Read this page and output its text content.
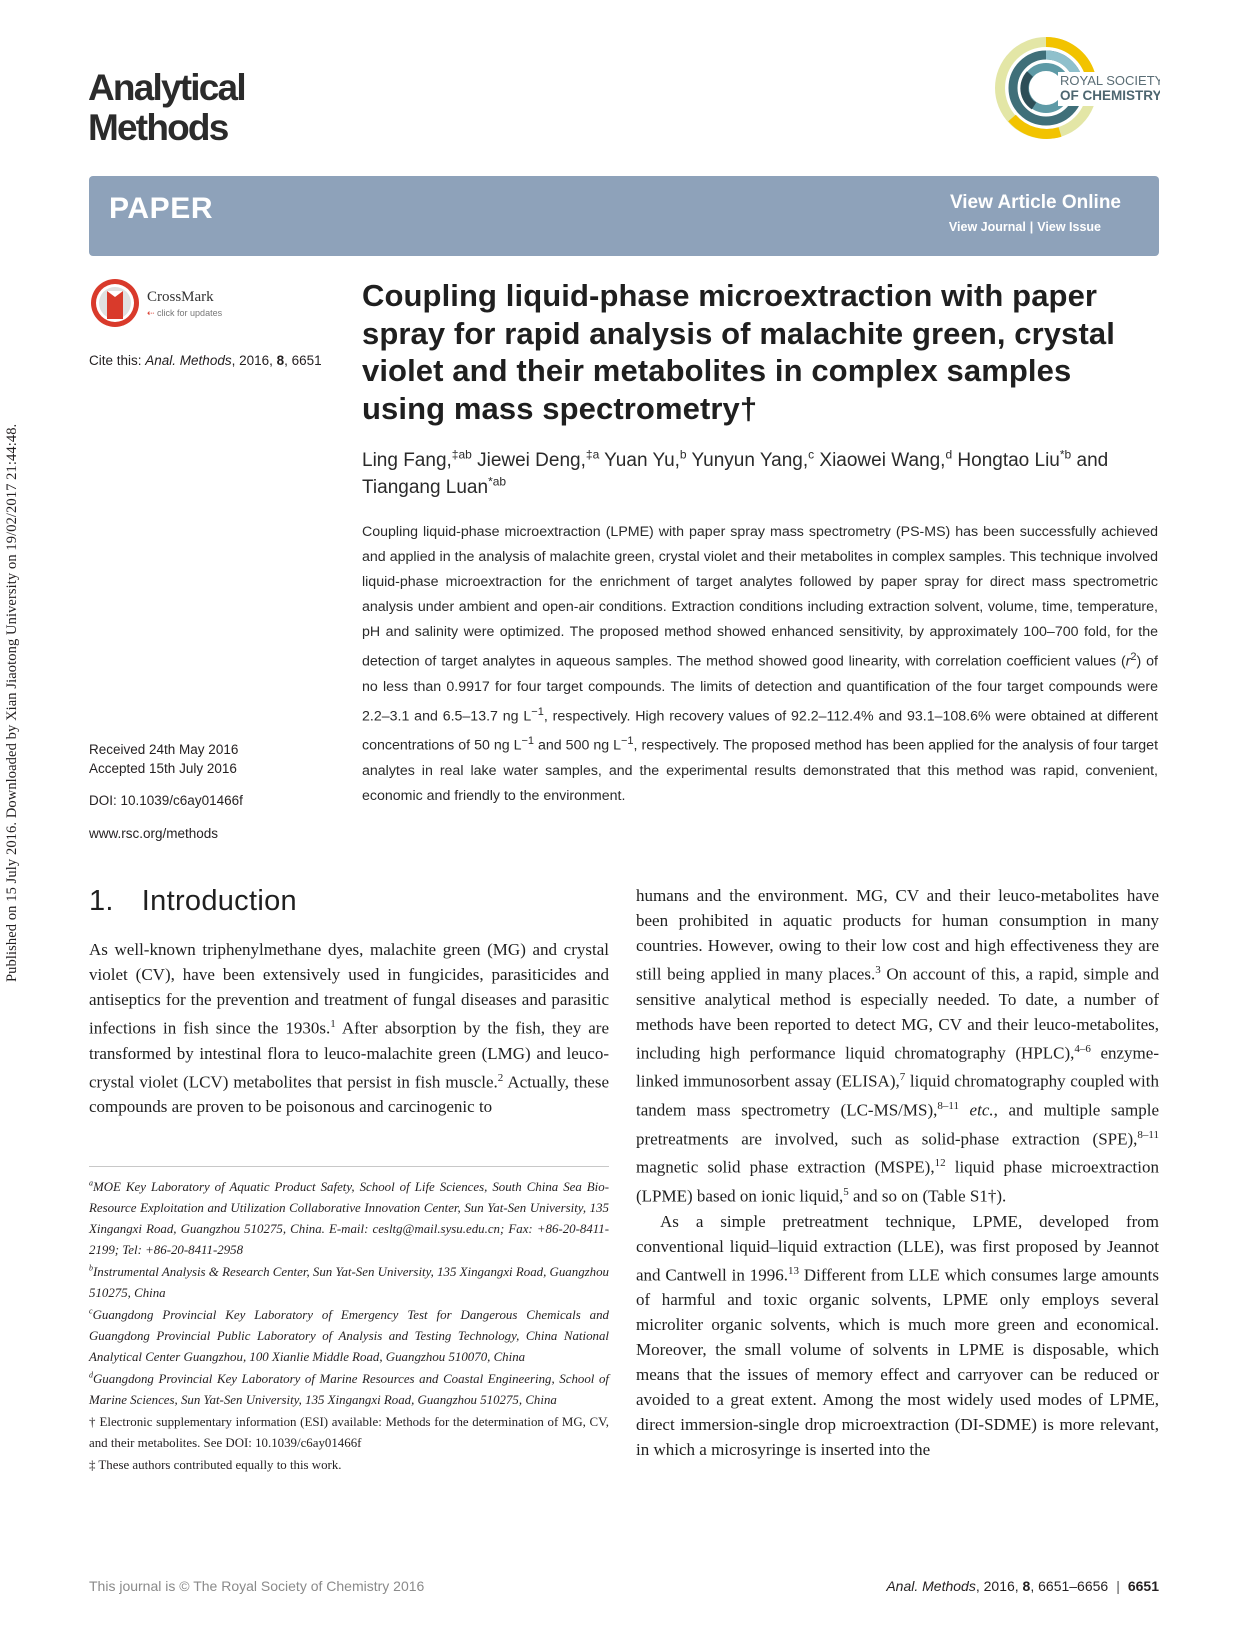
Published on 15 July 2016. Downloaded by Xian Jiaotong University on 19/02/2017 21:44:48.
Analytical
Methods
ROYAL SOCIETY
OF CHEMISTRY
PAPER	View Article Online
View Journal | View Issue
CrossMark
⇠ click for updates
Cite this: Anal. Methods, 2016, 8, 6651
Received 24th May 2016
Accepted 15th July 2016
DOI: 10.1039/c6ay01466f
www.rsc.org/methods
Coupling liquid-phase microextraction with paper spray for rapid analysis of malachite green, crystal violet and their metabolites in complex samples using mass spectrometry†
Ling Fang,$^{\ddagger ab}$ Jiewei Deng,$^{\ddagger a}$ Yuan Yu,$^b$ Yunyun Yang,$^c$ Xiaowei Wang,$^d$ Hongtao Liu$^{*b}$ and Tiangang Luan$^{*ab}$

Coupling liquid-phase microextraction (LPME) with paper spray mass spectrometry (PS-MS) has been successfully achieved and applied in the analysis of malachite green, crystal violet and their metabolites in complex samples. This technique involved liquid-phase microextraction for the enrichment of target analytes followed by paper spray for direct mass spectrometric analysis under ambient and open-air conditions. Extraction conditions including extraction solvent, volume, time, temperature, pH and salinity were optimized. The proposed method showed enhanced sensitivity, by approximately 100–700 fold, for the detection of target analytes in aqueous samples. The method showed good linearity, with correlation coefficient values $(r^2)$ of no less than 0.9917 for four target compounds. The limits of detection and quantification of the four target compounds were 2.2–3.1 and 6.5–13.7 ng $L^{-1}$, respectively. High recovery values of 92.2–112.4% and 93.1–108.6% were obtained at different concentrations of 50 ng $L^{-1}$ and 500 ng $L^{-1}$, respectively. The proposed method has been applied for the analysis of four target analytes in real lake water samples, and the experimental results demonstrated that this method was rapid, convenient, economic and friendly to the environment.

1. Introduction

As well-known triphenylmethane dyes, malachite green (MG) and crystal violet (CV), have been extensively used in fungicides, parasiticides and antiseptics for the prevention and treatment of fungal diseases and parasitic infections in fish since the 1930s.$^1$ After absorption by the fish, they are transformed by intestinal flora to leuco-malachite green (LMG) and leuco-crystal violet (LCV) metabolites that persist in fish muscle.$^2$ Actually, these compounds are proven to be poisonous and carcinogenic to

humans and the environment. MG, CV and their leuco-metabolites have been prohibited in aquatic products for human consumption in many countries. However, owing to their low cost and high effectiveness they are still being applied in many places.$^3$ On account of this, a rapid, simple and sensitive analytical method is especially needed. To date, a number of methods have been reported to detect MG, CV and their leuco-metabolites, including high performance liquid chromatography (HPLC),$^{4-6}$ enzyme-linked immunosorbent assay (ELISA),$^7$ liquid chromatography coupled with tandem mass spectrometry (LC-MS/MS),$^{8-11}$ etc., and multiple sample pretreatments are involved, such as solid-phase extraction (SPE),$^{8-11}$ magnetic solid phase extraction (MSPE),$^{12}$ liquid phase microextraction (LPME) based on ionic liquid,$^5$ and so on (Table S1†).

As a simple pretreatment technique, LPME, developed from conventional liquid–liquid extraction (LLE), was first proposed by Jeannot and Cantwell in 1996.13 Different from LLE which consumes large amounts of harmful and toxic organic solvents, LPME only employs several microliter organic solvents, which is much more green and economical. Moreover, the small volume of solvents in LPME is disposable, which means that the issues of memory effect and carryover can be reduced or avoided to a great extent. Among the most widely used modes of LPME, direct immersion-single drop microextraction (DI-SDME) is more relevant, in which a microsyringe is inserted into the

$^a$MOE Key Laboratory of Aquatic Product Safety, School of Life Sciences, South China Sea Bio-Resource Exploitation and Utilization Collaborative Innovation Center, Sun Yat-Sen University, 135 Xingangxi Road, Guangzhou 510275, China. E-mail: cesltg@mail.sysu.edu.cn; Fax: +86-20-8411-2199; Tel: +86-20-8411-2958

$^b$Instrumental Analysis & Research Center, Sun Yat-Sen University, 135 Xingangxi Road, Guangzhou 510275, China

$^c$Guangdong Provincial Key Laboratory of Emergency Test for Dangerous Chemicals and Guangdong Provincial Public Laboratory of Analysis and Testing Technology, China National Analytical Center Guangzhou, 100 Xianlie Middle Road, Guangzhou 510070, China

$^d$Guangdong Provincial Key Laboratory of Marine Resources and Coastal Engineering, School of Marine Sciences, Sun Yat-Sen University, 135 Xingangxi Road, Guangzhou 510275, China

† Electronic supplementary information (ESI) available: Methods for the determination of MG, CV, and their metabolites. See DOI: 10.1039/c6ay01466f

‡ These authors contributed equally to this work.

This journal is © The Royal Society of Chemistry 2016	Anal. Methods, 2016, 8, 6651–6656 | 6651
